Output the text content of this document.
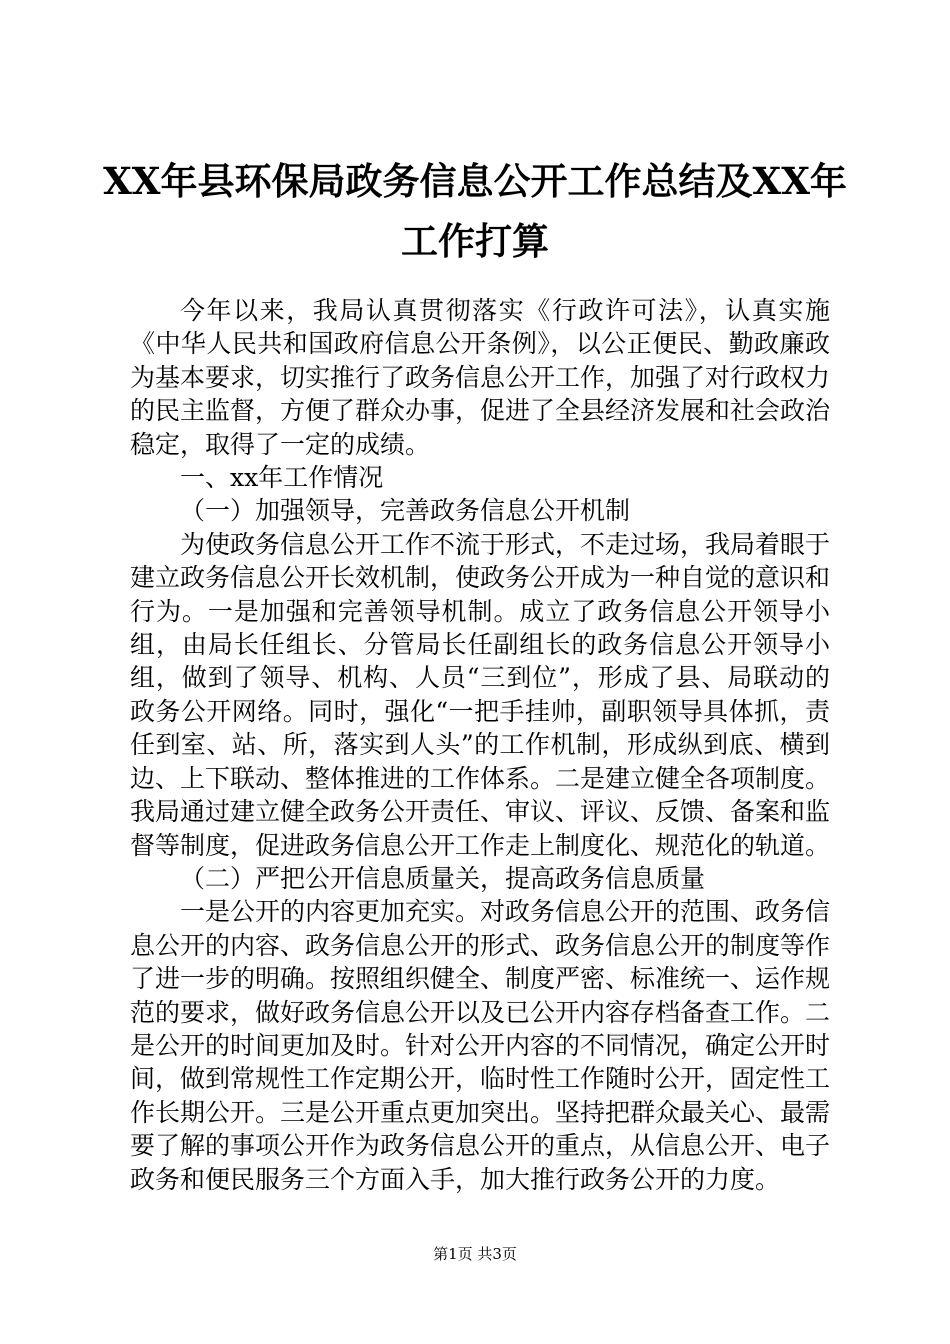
XX年县环保局政务信息公开工作总结及XX年
工作打算

今年以来，我局认真贯彻落实《行政许可法》，认真实施《中华人民共和国政府信息公开条例》，以公正便民、勤政廉政为基本要求，切实推行了政务信息公开工作，加强了对行政权力的民主监督，方便了群众办事，促进了全县经济发展和社会政治稳定，取得了一定的成绩。

一、xx年工作情况

（一）加强领导，完善政务信息公开机制

为使政务信息公开工作不流于形式，不走过场，我局着眼于建立政务信息公开长效机制，使政务公开成为一种自觉的意识和行为。一是加强和完善领导机制。成立了政务信息公开领导小组，由局长任组长、分管局长任副组长的政务信息公开领导小组，做到了领导、机构、人员“三到位”，形成了县、局联动的政务公开网络。同时，强化“一把手挂帅，副职领导具体抓，责任到室、站、所，落实到人头”的工作机制，形成纵到底、横到边、上下联动、整体推进的工作体系。二是建立健全各项制度。我局通过建立健全政务公开责任、审议、评议、反馈、备案和监督等制度，促进政务信息公开工作走上制度化、规范化的轨道。

（二）严把公开信息质量关，提高政务信息质量

一是公开的内容更加充实。对政务信息公开的范围、政务信息公开的内容、政务信息公开的形式、政务信息公开的制度等作了进一步的明确。按照组织健全、制度严密、标准统一、运作规范的要求，做好政务信息公开以及已公开内容存档备查工作。二是公开的时间更加及时。针对公开内容的不同情况，确定公开时间，做到常规性工作定期公开，临时性工作随时公开，固定性工作长期公开。三是公开重点更加突出。坚持把群众最关心、最需要了解的事项公开作为政务信息公开的重点，从信息公开、电子政务和便民服务三个方面入手，加大推行政务公开的力度。

第1页 共3页
